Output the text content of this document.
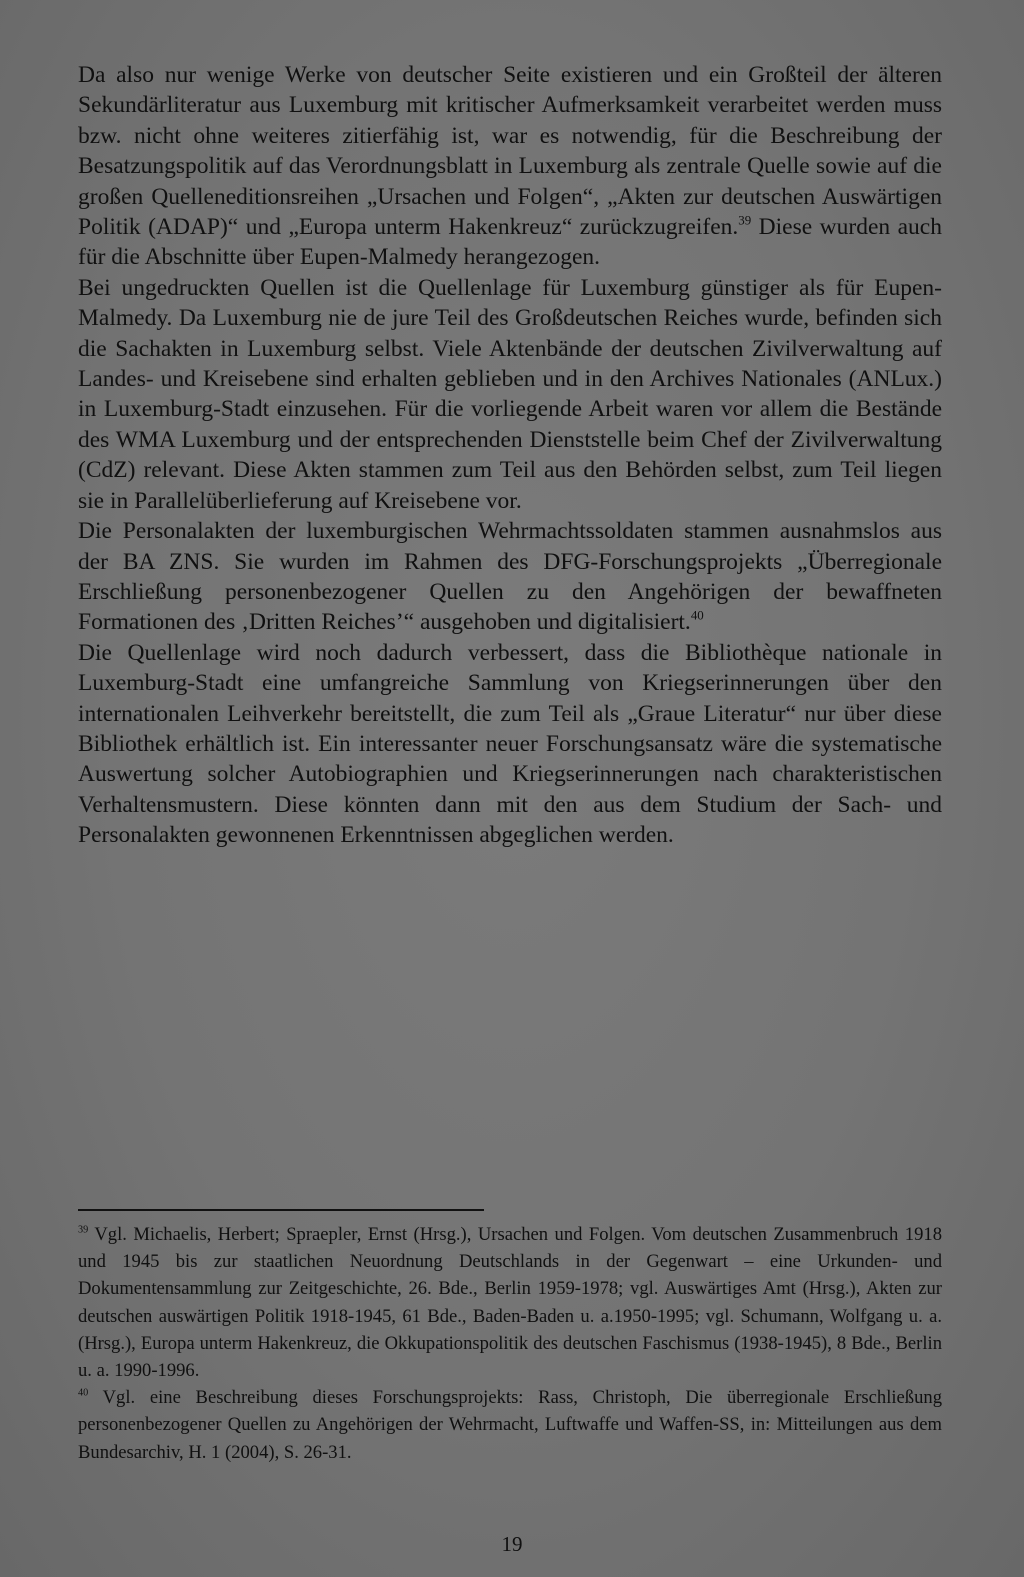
Da also nur wenige Werke von deutscher Seite existieren und ein Großteil der älteren Sekundärliteratur aus Luxemburg mit kritischer Aufmerksamkeit verarbeitet werden muss bzw. nicht ohne weiteres zitierfähig ist, war es notwendig, für die Beschreibung der Besatzungspolitik auf das Verordnungsblatt in Luxemburg als zentrale Quelle sowie auf die großen Quelleneditionsreihen „Ursachen und Folgen“, „Akten zur deutschen Auswärtigen Politik (ADAP)“ und „Europa unterm Hakenkreuz“ zurückzugreifen.$^{39}$ Diese wurden auch für die Abschnitte über Eupen-Malmedy herangezogen.

Bei ungedruckten Quellen ist die Quellenlage für Luxemburg günstiger als für Eupen-Malmedy. Da Luxemburg nie de jure Teil des Großdeutschen Reiches wurde, befinden sich die Sachakten in Luxemburg selbst. Viele Aktenbände der deutschen Zivilverwaltung auf Landes- und Kreisebene sind erhalten geblieben und in den Archives Nationales (ANLux.) in Luxemburg-Stadt einzusehen. Für die vorliegende Arbeit waren vor allem die Bestände des WMA Luxemburg und der entsprechenden Dienststelle beim Chef der Zivilverwaltung (CdZ) relevant. Diese Akten stammen zum Teil aus den Behörden selbst, zum Teil liegen sie in Parallelüberlieferung auf Kreisebene vor.

Die Personalakten der luxemburgischen Wehrmachtssoldaten stammen ausnahmslos aus der BA ZNS. Sie wurden im Rahmen des DFG-Forschungsprojekts „Überregionale Erschließung personenbezogener Quellen zu den Angehörigen der bewaffneten Formationen des ‚Dritten Reiches’“ ausgehoben und digitalisiert.$^{40}$

Die Quellenlage wird noch dadurch verbessert, dass die Bibliothèque nationale in Luxemburg-Stadt eine umfangreiche Sammlung von Kriegserinnerungen über den internationalen Leihverkehr bereitstellt, die zum Teil als „Graue Literatur“ nur über diese Bibliothek erhältlich ist. Ein interessanter neuer Forschungsansatz wäre die systematische Auswertung solcher Autobiographien und Kriegserinnerungen nach charakteristischen Verhaltensmustern. Diese könnten dann mit den aus dem Studium der Sach- und Personalakten gewonnenen Erkenntnissen abgeglichen werden.

$^{39}$ Vgl. Michaelis, Herbert; Spraepler, Ernst (Hrsg.), Ursachen und Folgen. Vom deutschen Zusammenbruch 1918 und 1945 bis zur staatlichen Neuordnung Deutschlands in der Gegenwart – eine Urkunden- und Dokumentensammlung zur Zeitgeschichte, 26. Bde., Berlin 1959-1978; vgl. Auswärtiges Amt (Hrsg.), Akten zur deutschen auswärtigen Politik 1918-1945, 61 Bde., Baden-Baden u. a.1950-1995; vgl. Schumann, Wolfgang u. a. (Hrsg.), Europa unterm Hakenkreuz, die Okkupationspolitik des deutschen Faschismus (1938-1945), 8 Bde., Berlin u. a. 1990-1996.

$^{40}$ Vgl. eine Beschreibung dieses Forschungsprojekts: Rass, Christoph, Die überregionale Erschließung personenbezogener Quellen zu Angehörigen der Wehrmacht, Luftwaffe und Waffen-SS, in: Mitteilungen aus dem Bundesarchiv, H. 1 (2004), S. 26-31.

19
